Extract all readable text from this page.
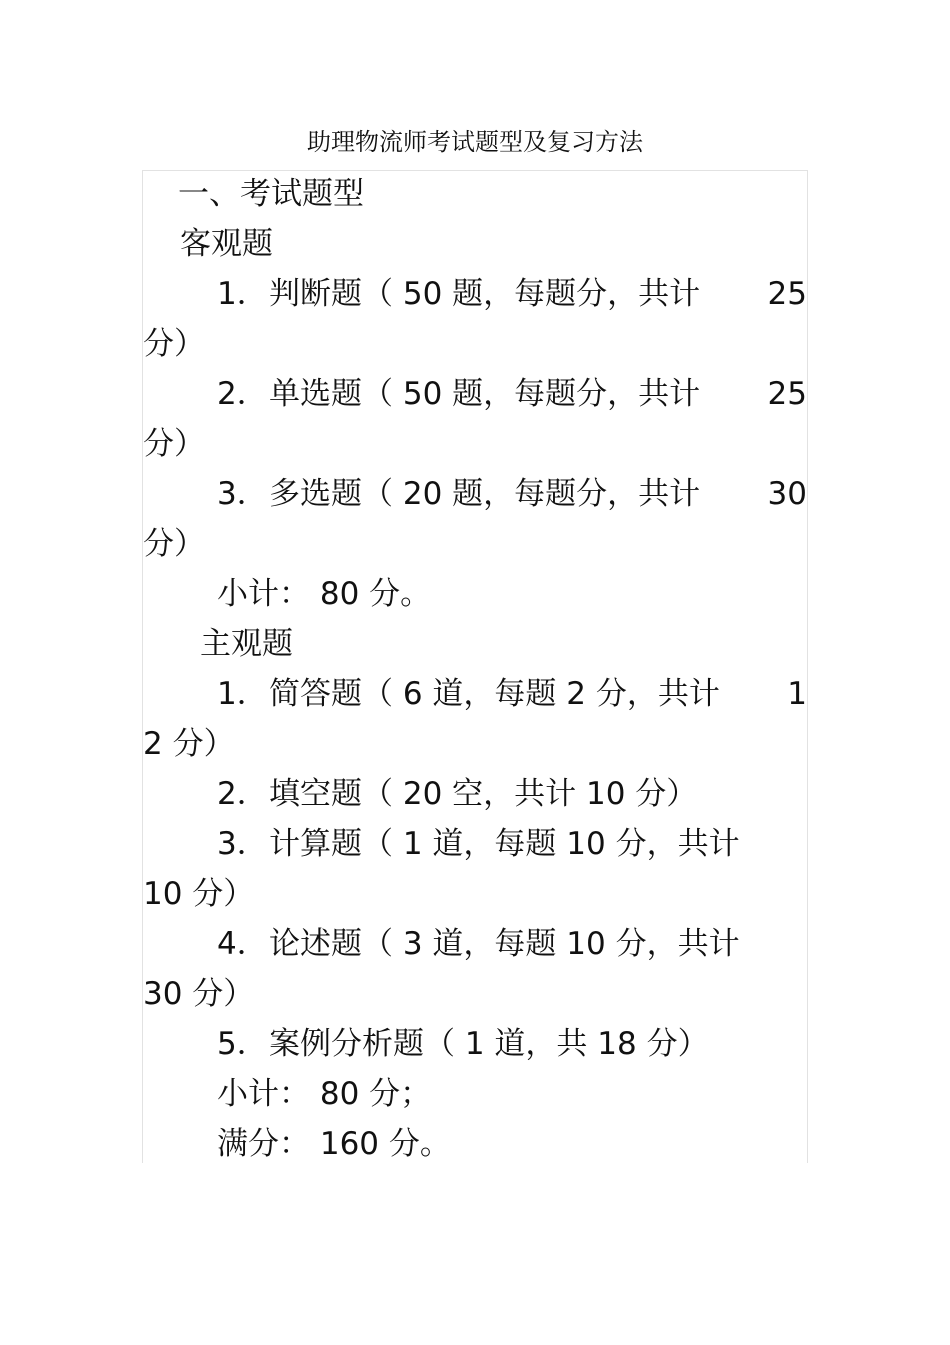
助理物流师考试题型及复习方法
一、考试题型
客观题
1． 判断题（ 50 题，每题分，共计	25
分）
2． 单选题（ 50 题，每题分，共计	25
分）
3． 多选题（ 20 题，每题分，共计	30
分）
小计： 80 分。
主观题
1． 简答题（ 6 道，每题 2 分，共计	1
2 分）
2． 填空题（ 20 空，共计 10 分）
3． 计算题（ 1 道，每题 10 分，共计
10 分）
4． 论述题（ 3 道，每题 10 分，共计
30 分）
5． 案例分析题（ 1 道，共 18 分）
小计： 80 分；
满分： 160 分。
